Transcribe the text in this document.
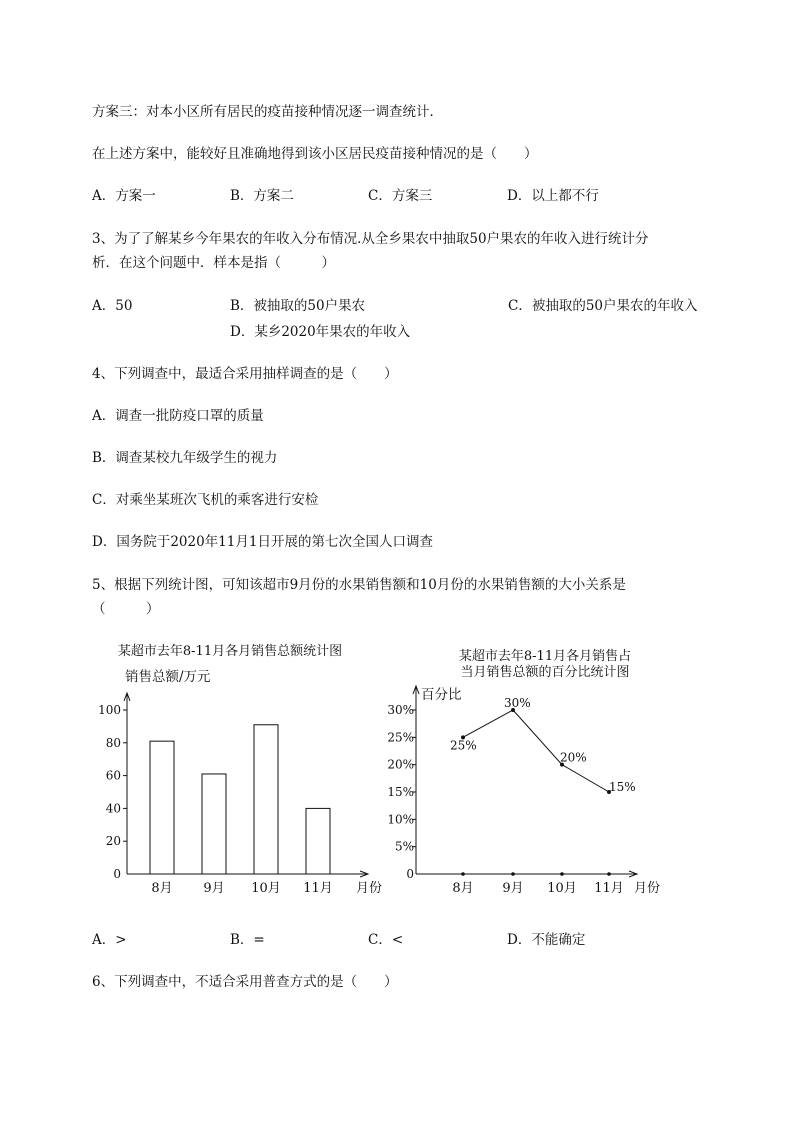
方案三：对本小区所有居民的疫苗接种情况逐一调查统计．
在上述方案中，能较好且准确地得到该小区居民疫苗接种情况的是（　　）
A．方案一	B．方案二	C．方案三	D．以上都不行
3、为了了解某乡今年果农的年收入分布情况.从全乡果农中抽取50户果农的年收入进行统计分
析．在这个问题中．样本是指（　　　）
A．50	B．被抽取的50户果农	C．被抽取的50户果农的年收入
D．某乡2020年果农的年收入
4、下列调查中，最适合采用抽样调查的是（　　）
A．调查一批防疫口罩的质量
B．调查某校九年级学生的视力
C．对乘坐某班次飞机的乘客进行安检
D．国务院于2020年11月1日开展的第七次全国人口调查
5、根据下列统计图，可知该超市9月份的水果销售额和10月份的水果销售额的大小关系是
（　　　）
某超市去年8-11月各月销售总额统计图
销售总额/万元
月份
0
20
40
60
80
100
8月 9月 10月 11月
某超市去年8-11月各月销售占
当月销售总额的百分比统计图
百分比
月份
0
5%
10%
15%
20%
25%
30%
8月
25%
9月
30%
10月
20%
11月
15%
A．>	B．=	C．<	D．不能确定
6、下列调查中，不适合采用普查方式的是（　　）
